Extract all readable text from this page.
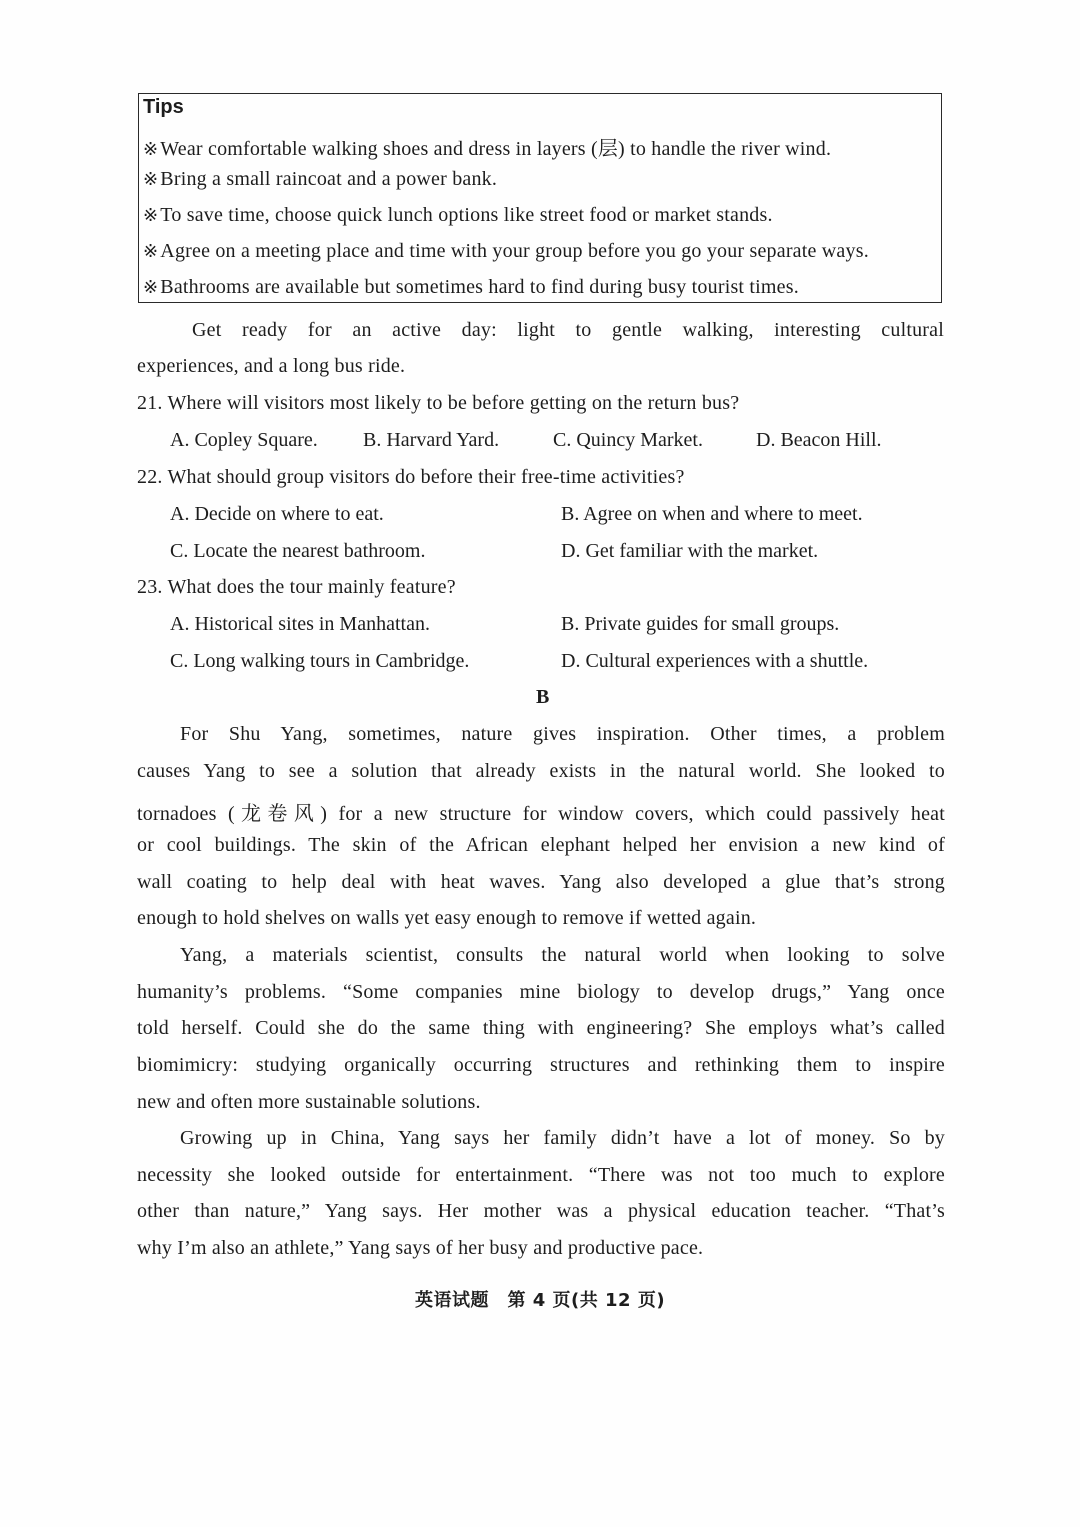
Tips
※ Wear comfortable walking shoes and dress in layers (层) to handle the river wind.
※ Bring a small raincoat and a power bank.
※ To save time, choose quick lunch options like street food or market stands.
※ Agree on a meeting place and time with your group before you go your separate ways.
※ Bathrooms are available but sometimes hard to find during busy tourist times.
Get ready for an active day: light to gentle walking, interesting cultural
experiences, and a long bus ride.
21. Where will visitors most likely to be before getting on the return bus?
A. Copley Square. B. Harvard Yard.	C. Quincy Market.	D. Beacon Hill.
22. What should group visitors do before their free-time activities?
A. Decide on where to eat.	B. Agree on when and where to meet.
C. Locate the nearest bathroom.	D. Get familiar with the market.
23. What does the tour mainly feature?
A. Historical sites in Manhattan.	B. Private guides for small groups.
C. Long walking tours in Cambridge.	D. Cultural experiences with a shuttle.
B
For Shu Yang, sometimes, nature gives inspiration. Other times, a problem
causes Yang to see a solution that already exists in the natural world. She looked to
tornadoes (龙卷风) for a new structure for window covers, which could passively heat
or cool buildings. The skin of the African elephant helped her envision a new kind of
wall coating to help deal with heat waves. Yang also developed a glue that’s strong
enough to hold shelves on walls yet easy enough to remove if wetted again.
Yang, a materials scientist, consults the natural world when looking to solve
humanity’s problems. “Some companies mine biology to develop drugs,” Yang once
told herself. Could she do the same thing with engineering? She employs what’s called
biomimicry: studying organically occurring structures and rethinking them to inspire
new and often more sustainable solutions.
Growing up in China, Yang says her family didn’t have a lot of money. So by
necessity she looked outside for entertainment. “There was not too much to explore
other than nature,” Yang says. Her mother was a physical education teacher. “That’s
why I’m also an athlete,” Yang says of her busy and productive pace.
英语试题　第 4 页(共 12 页)
